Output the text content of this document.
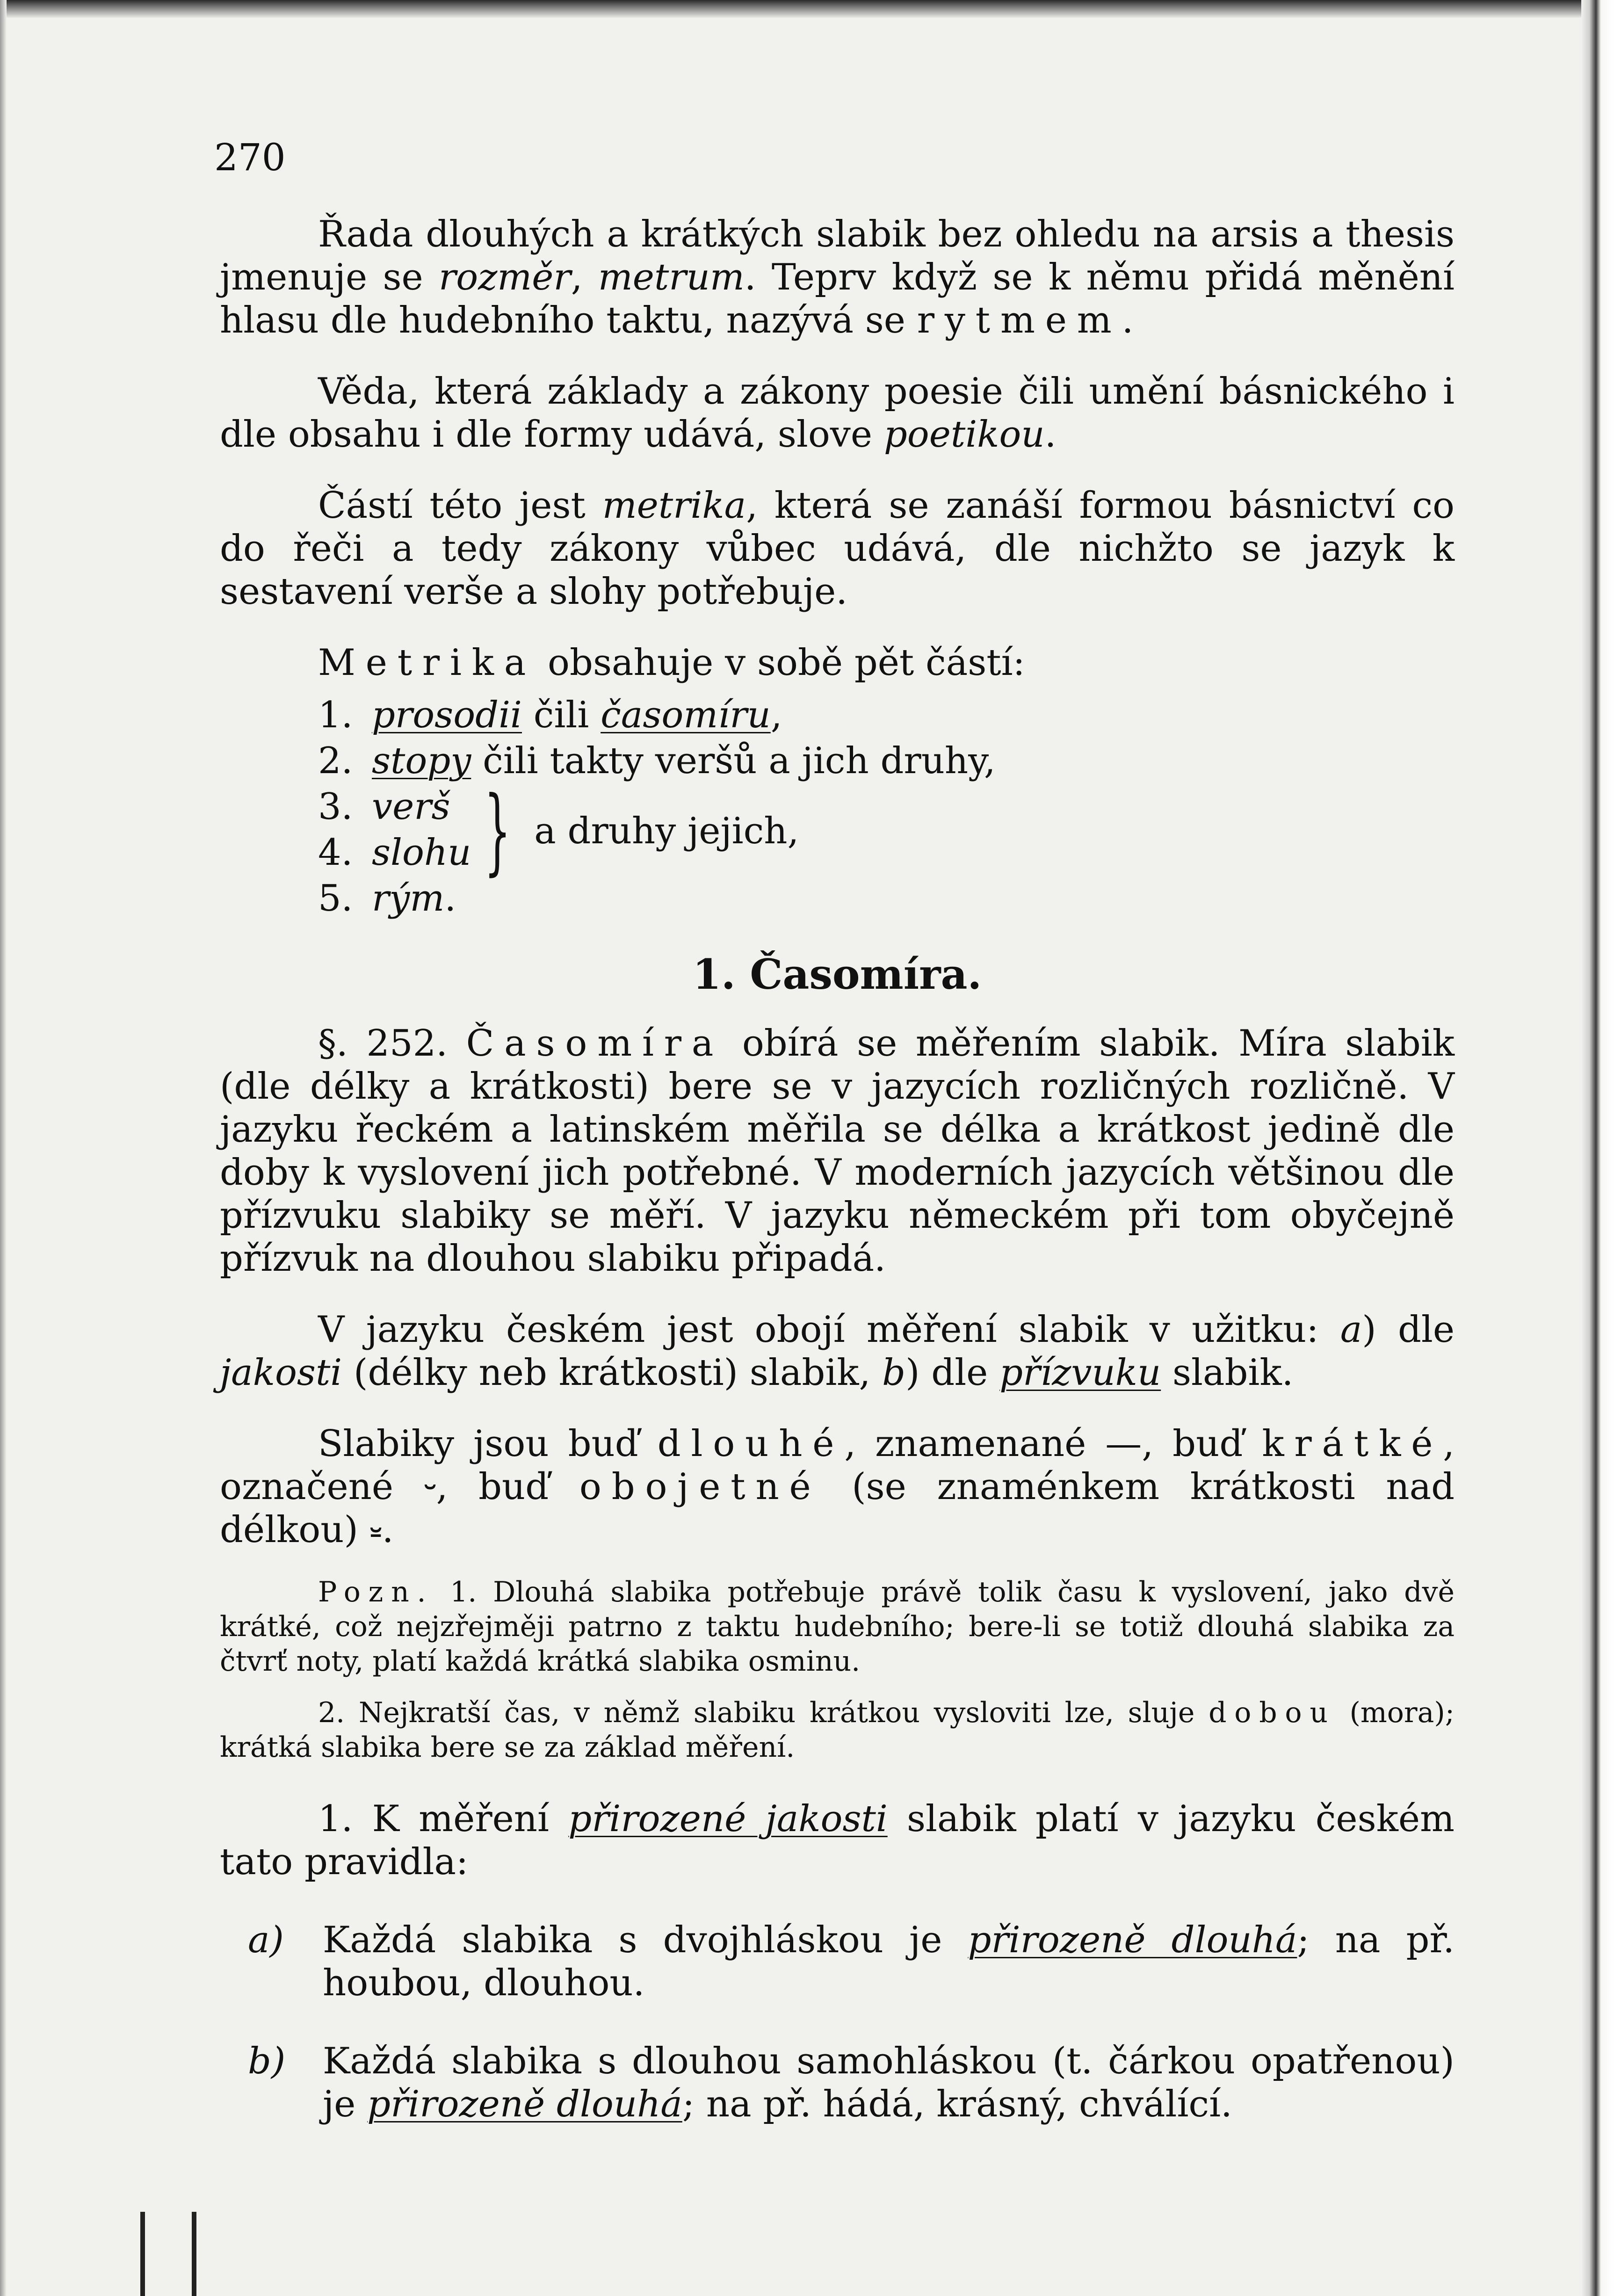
270

Řada dlouhých a krátkých slabik bez ohledu na arsis a thesis jmenuje se rozměr, metrum. Teprv když se k němu přidá měnění hlasu dle hudebního taktu, nazývá se rytmem.

Věda, která základy a zákony poesie čili umění básnického i dle obsahu i dle formy udává, slove poetikou.

Částí této jest metrika, která se zanáší formou básnictví co do řeči a tedy zákony vůbec udává, dle nichžto se jazyk k sestavení verše a slohy potřebuje.

Metrika obsahuje v sobě pět částí:

1. prosodii čili časomíru,
2. stopy čili takty veršů a jich druhy,
3. verš
4. slohu } a druhy jejich,
5. rým.
1. Časomíra.

§. 252. Časomíra obírá se měřením slabik. Míra slabik (dle délky a krátkosti) bere se v jazycích rozličných rozličně. V jazyku řeckém a latinském měřila se délka a krátkost jedině dle doby k vyslovení jich potřebné. V moderních jazycích většinou dle přízvuku slabiky se měří. V jazyku německém při tom obyčejně přízvuk na dlouhou slabiku připadá.

V jazyku českém jest obojí měření slabik v užitku: a) dle jakosti (délky neb krátkosti) slabik, b) dle přízvuku slabik.

Slabiky jsou buď dlouhé, znamenané —, buď krátké, označené ⏑, buď obojetné (se znaménkem krátkosti nad délkou) ⏓.

Pozn. 1. Dlouhá slabika potřebuje právě tolik času k vyslovení, jako dvě krátké, což nejzřejměji patrno z taktu hudebního; bere-li se totiž dlouhá slabika za čtvrť noty, platí každá krátká slabika osminu.

2. Nejkratší čas, v němž slabiku krátkou vysloviti lze, sluje dobou (mora); krátká slabika bere se za základ měření.

1. K měření přirozené jakosti slabik platí v jazyku českém tato pravidla:

a)	Každá slabika s dvojhláskou je přirozeně dlouhá; na př. houbou, dlouhou.
b)	Každá slabika s dlouhou samohláskou (t. čárkou opatřenou) je přirozeně dlouhá; na př. hádá, krásný, chválící.
